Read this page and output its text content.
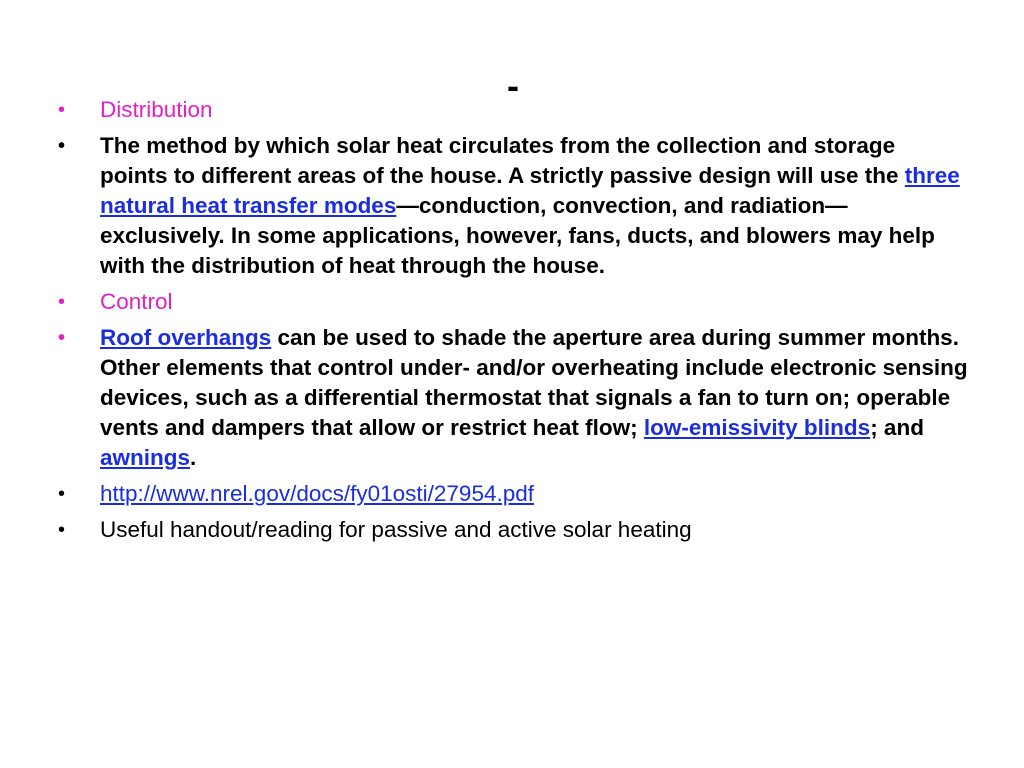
-
•	Distribution
•	The method by which solar heat circulates from the collection and storage points to different areas of the house. A strictly passive design will use the three natural heat transfer modes—conduction, convection, and radiation—exclusively. In some applications, however, fans, ducts, and blowers may help with the distribution of heat through the house.
•	Control
•	Roof overhangs can be used to shade the aperture area during summer months. Other elements that control under- and/or overheating include electronic sensing devices, such as a differential thermostat that signals a fan to turn on; operable vents and dampers that allow or restrict heat flow; low-emissivity blinds; and awnings.
•	http://www.nrel.gov/docs/fy01osti/27954.pdf
•	Useful handout/reading for passive and active solar heating
